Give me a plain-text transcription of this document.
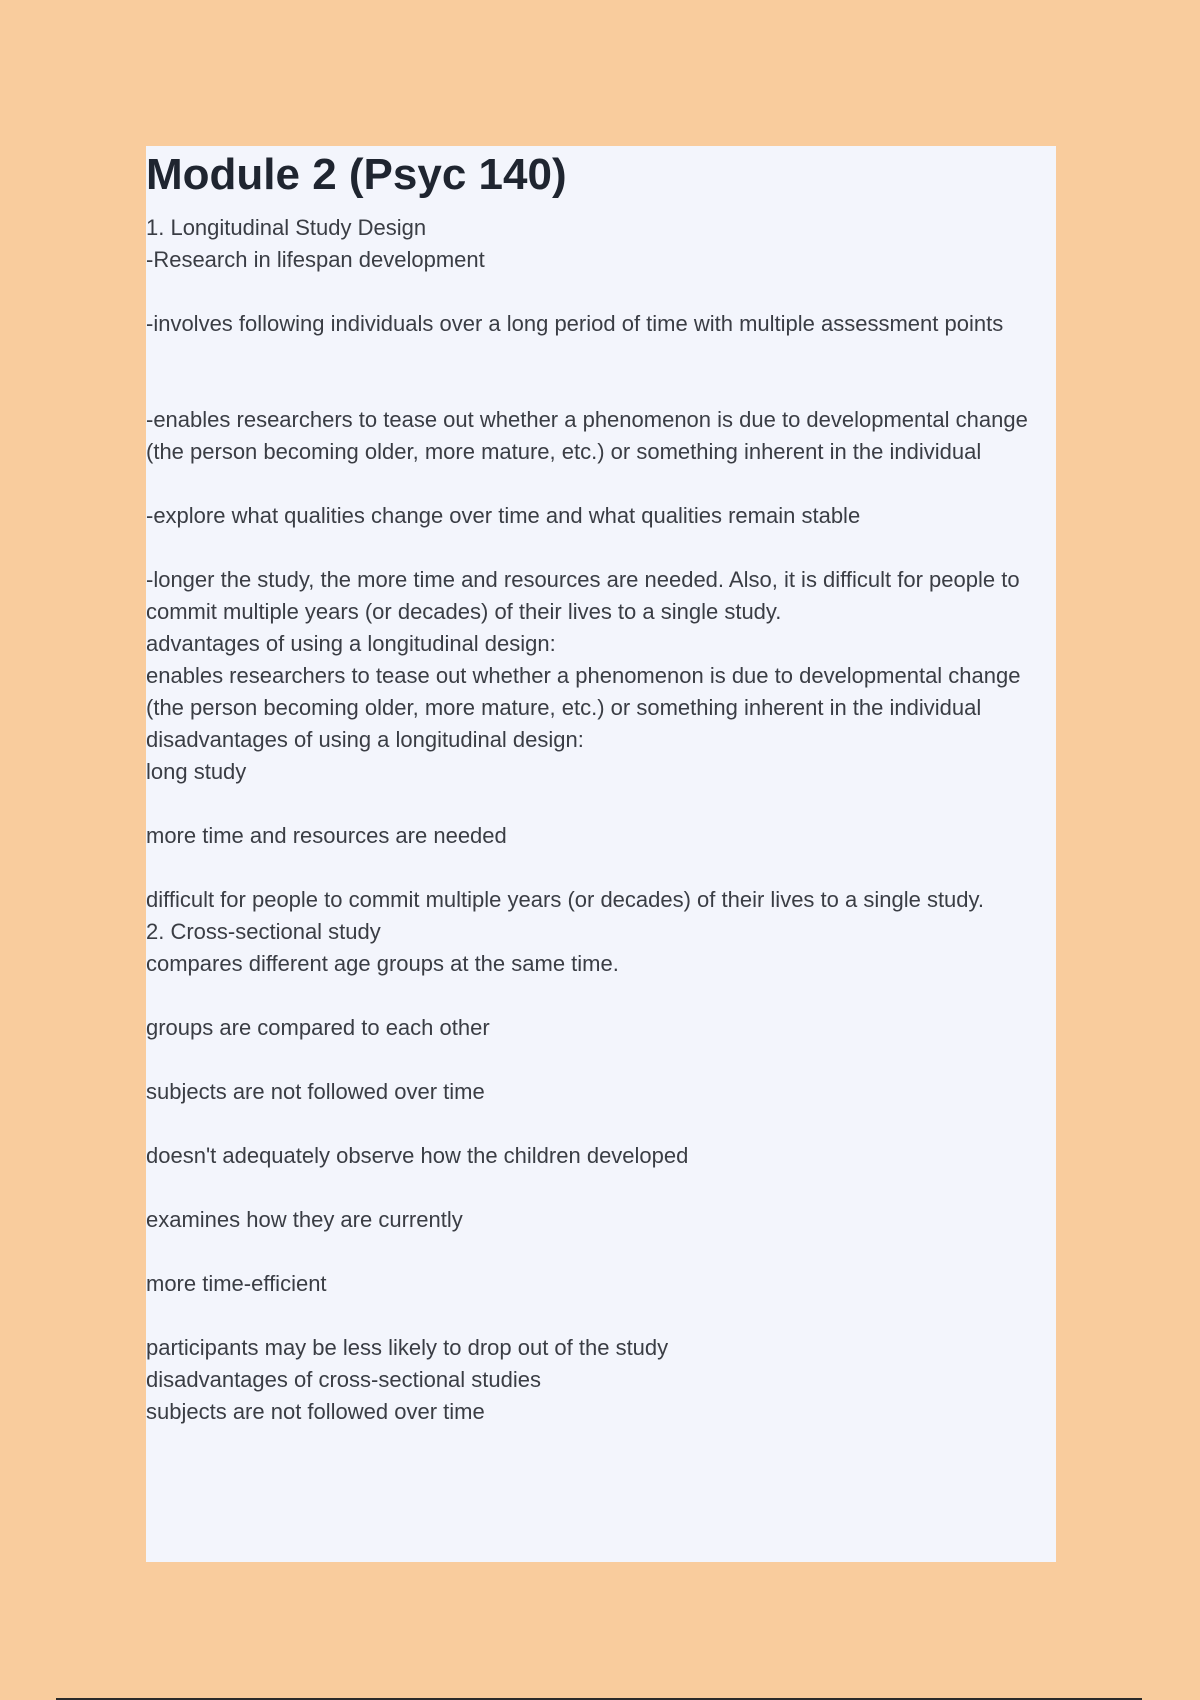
Module 2 (Psyc 140)
1. Longitudinal Study Design
-Research in lifespan development
-involves following individuals over a long period of time with multiple assessment points
-enables researchers to tease out whether a phenomenon is due to developmental change (the person becoming older, more mature, etc.) or something inherent in the individual
-explore what qualities change over time and what qualities remain stable
-longer the study, the more time and resources are needed. Also, it is difficult for people to commit multiple years (or decades) of their lives to a single study.
advantages of using a longitudinal design:
enables researchers to tease out whether a phenomenon is due to developmental change (the person becoming older, more mature, etc.) or something inherent in the individual
disadvantages of using a longitudinal design:
long study
more time and resources are needed
difficult for people to commit multiple years (or decades) of their lives to a single study.
2. Cross-sectional study
compares different age groups at the same time.
groups are compared to each other
subjects are not followed over time
doesn't adequately observe how the children developed
examines how they are currently
more time-efficient
participants may be less likely to drop out of the study
disadvantages of cross-sectional studies
subjects are not followed over time
